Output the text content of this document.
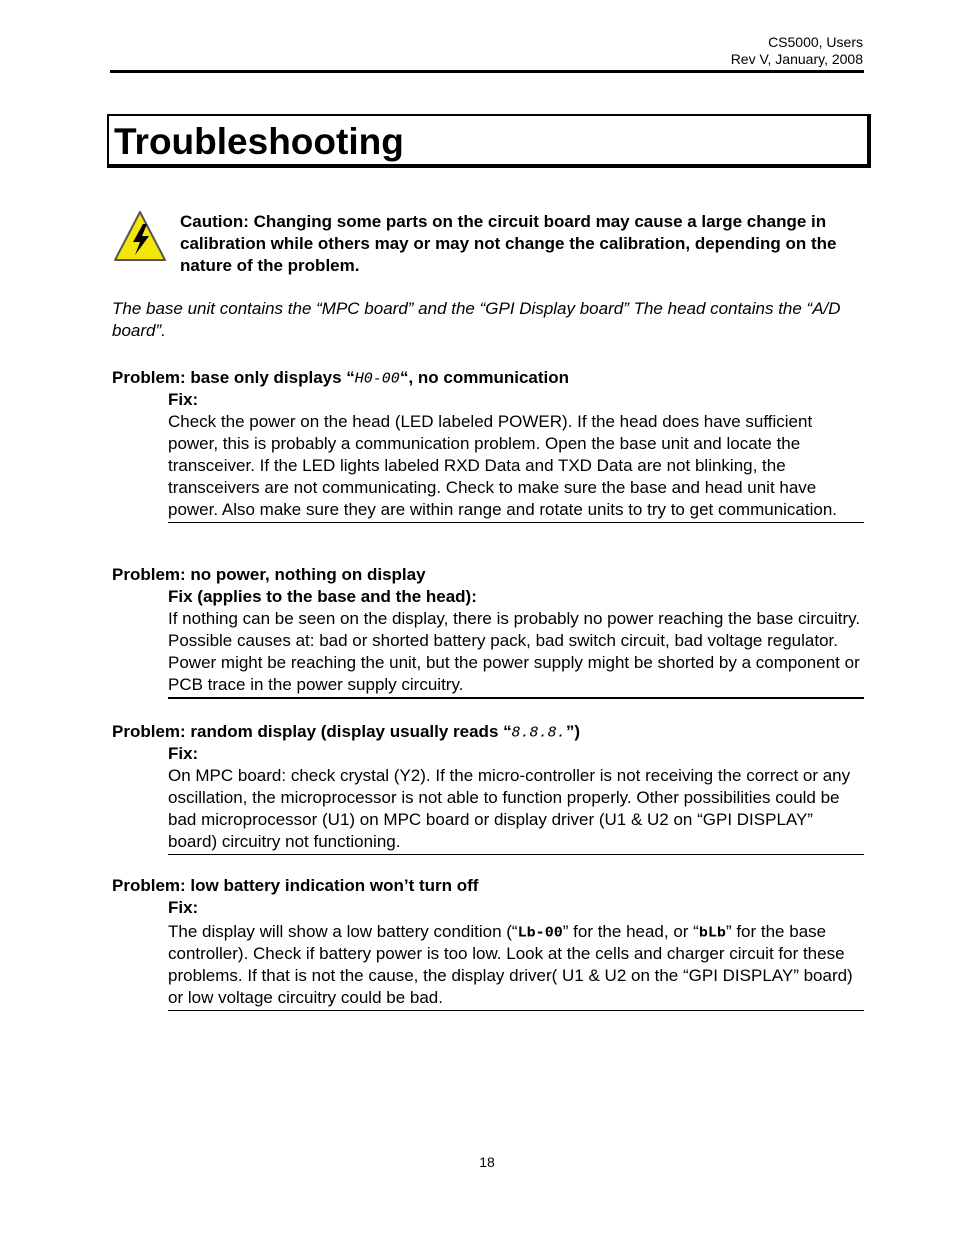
CS5000, Users
Rev V, January, 2008
Troubleshooting
Caution: Changing some parts on the circuit board may cause a large change in calibration while others may or may not change the calibration, depending on the nature of the problem.
The base unit contains the “MPC board” and the “GPI Display board” The head contains the “A/D board”.
Problem: base only displays “H0-00“, no communication
Fix:
Check the power on the head (LED labeled POWER). If the head does have sufficient power, this is probably a communication problem. Open the base unit and locate the transceiver. If the LED lights labeled RXD Data and TXD Data are not blinking, the transceivers are not communicating. Check to make sure the base and head unit have power. Also make sure they are within range and rotate units to try to get communication.
Problem: no power, nothing on display
Fix (applies to the base and the head):
If nothing can be seen on the display, there is probably no power reaching the base circuitry. Possible causes at: bad or shorted battery pack, bad switch circuit, bad voltage regulator. Power might be reaching the unit, but the power supply might be shorted by a component or PCB trace in the power supply circuitry.
Problem: random display (display usually reads “8.8.8.”)
Fix:
On MPC board: check crystal (Y2). If the micro-controller is not receiving the correct or any oscillation, the microprocessor is not able to function properly. Other possibilities could be bad microprocessor (U1) on MPC board or display driver (U1 & U2 on “GPI DISPLAY” board) circuitry not functioning.
Problem: low battery indication won’t turn off
Fix:
The display will show a low battery condition (“Lb-00” for the head, or “bLb” for the base controller). Check if battery power is too low. Look at the cells and charger circuit for these problems. If that is not the cause, the display driver( U1 & U2 on the “GPI DISPLAY” board) or low voltage circuitry could be bad.
18
